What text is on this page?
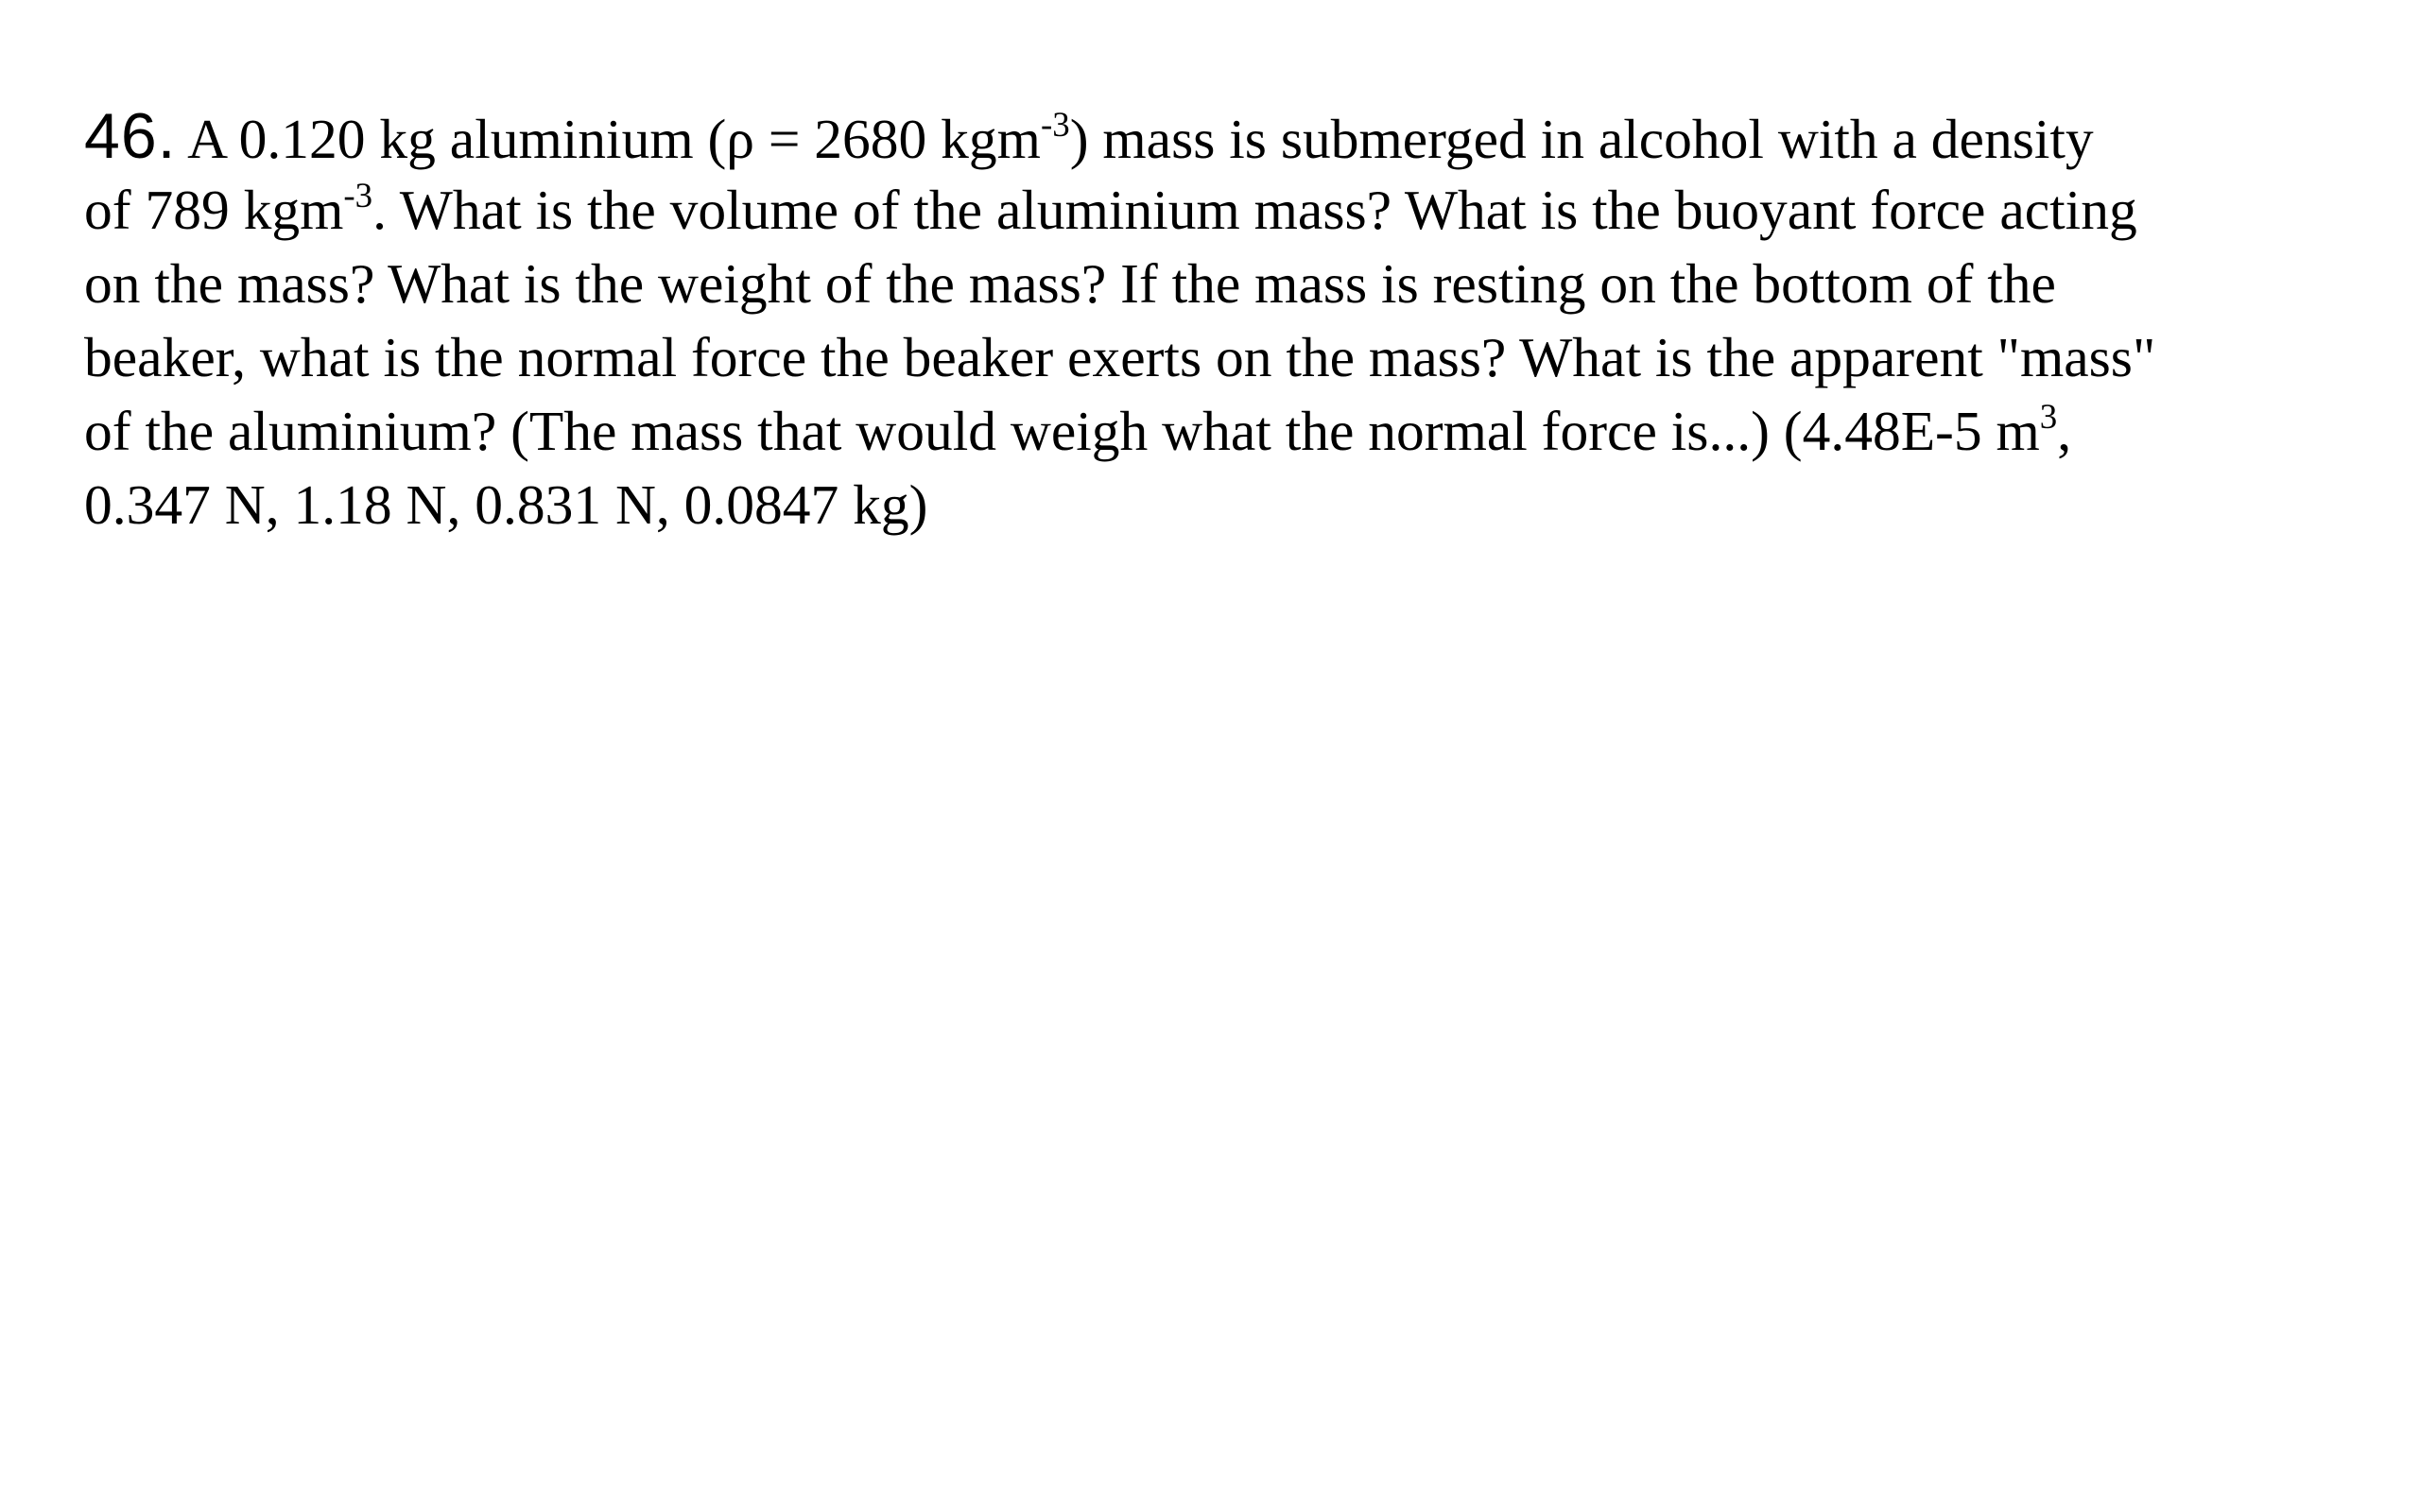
46. A 0.120 kg aluminium (ρ = 2680 kgm$^{-3}$) mass is submerged in alcohol with a density
of 789 kgm$^{-3}$. What is the volume of the aluminium mass? What is the buoyant force acting
on the mass? What is the weight of the mass? If the mass is resting on the bottom of the
beaker, what is the normal force the beaker exerts on the mass? What is the apparent "mass"
of the aluminium? (The mass that would weigh what the normal force is...) (4.48E-5 $m^3$,
0.347 N, 1.18 N, 0.831 N, 0.0847 kg)
